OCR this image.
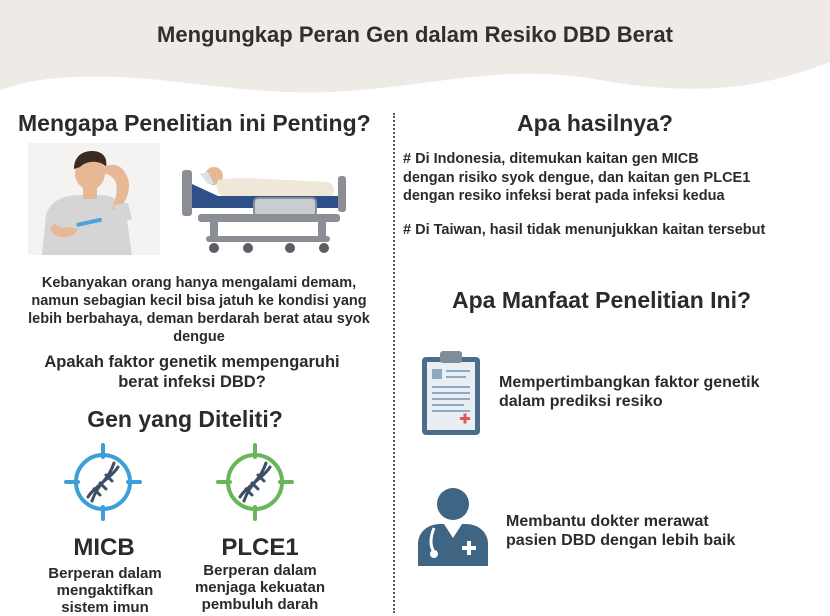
Mengungkap Peran Gen dalam Resiko DBD Berat
Mengapa Penelitian ini Penting?
Kebanyakan orang hanya mengalami demam,
namun sebagian kecil bisa jatuh ke kondisi yang
lebih berbahaya, deman berdarah berat atau syok dengue
Apakah faktor genetik mempengaruhi
berat infeksi DBD?
Gen yang Diteliti?
MICB
Berperan dalam
mengaktifkan
sistem imun
PLCE1
Berperan dalam
menjaga kekuatan
pembuluh darah
Apa hasilnya?
# Di Indonesia, ditemukan kaitan gen MICB
dengan risiko syok dengue, dan kaitan gen PLCE1
dengan resiko infeksi berat pada infeksi kedua
# Di Taiwan, hasil tidak menunjukkan kaitan tersebut
Apa Manfaat Penelitian Ini?
Mempertimbangkan faktor genetik
dalam prediksi resiko
Membantu dokter merawat
pasien DBD dengan lebih baik
